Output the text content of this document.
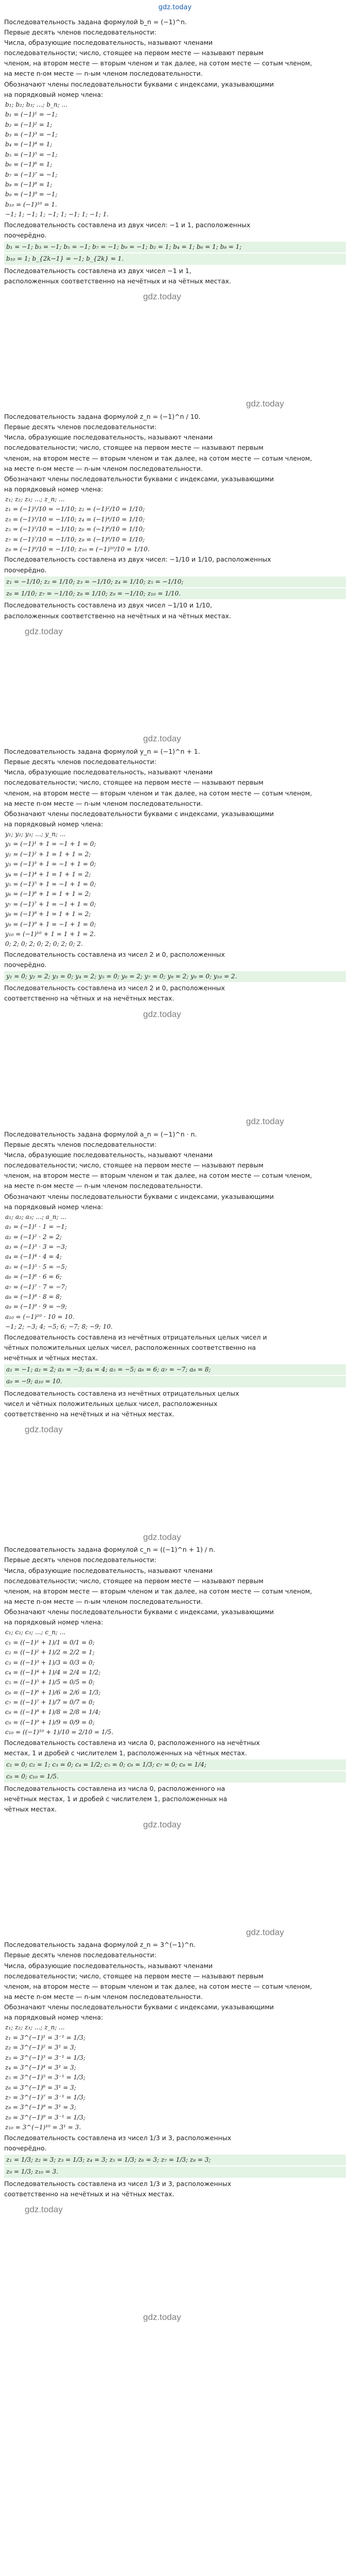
gdz.today
Последовательность задана формулой b_n = (−1)^n.
Первые десять членов последовательности:
Числа, образующие последовательность, называют членами
последовательности; число, стоящее на первом месте — называют первым
членом, на втором месте — вторым членом и так далее, на сотом месте — сотым членом,
на месте n-ом месте — n-ым членом последовательности.
Обозначают члены последовательности буквами с индексами, указывающими
на порядковый номер члена:
b₁; b₂; b₃; ...; b_n; ...
b₁ = (−1)¹ = −1;
b₂ = (−1)² = 1;
b₃ = (−1)³ = −1;
b₄ = (−1)⁴ = 1;
b₅ = (−1)⁵ = −1;
b₆ = (−1)⁶ = 1;
b₇ = (−1)⁷ = −1;
b₈ = (−1)⁸ = 1;
b₉ = (−1)⁹ = −1;
b₁₀ = (−1)¹⁰ = 1.
−1; 1; −1; 1; −1; 1; −1; 1; −1; 1.
Последовательность составлена из двух чисел: −1 и 1, расположенных
поочерёдно.
b₁ = −1; b₃ = −1; b₅ = −1; b₇ = −1; b₉ = −1; b₂ = 1; b₄ = 1; b₆ = 1; b₈ = 1;
b₁₀ = 1; b_{2k−1} = −1; b_{2k} = 1.
Последовательность составлена из двух чисел −1 и 1,
расположенных соответственно на нечётных и на чётных местах.
gdz.today
gdz.today
Последовательность задана формулой z_n = (−1)^n / 10.
Первые десять членов последовательности:
Числа, образующие последовательность, называют членами
последовательности; число, стоящее на первом месте — называют первым
членом, на втором месте — вторым членом и так далее, на сотом месте — сотым членом,
на месте n-ом месте — n-ым членом последовательности.
Обозначают члены последовательности буквами с индексами, указывающими
на порядковый номер члена:
z₁; z₂; z₃; ...; z_n; ...
z₁ = (−1)¹/10 = −1/10; z₂ = (−1)²/10 = 1/10;
z₃ = (−1)³/10 = −1/10; z₄ = (−1)⁴/10 = 1/10;
z₅ = (−1)⁵/10 = −1/10; z₆ = (−1)⁶/10 = 1/10;
z₇ = (−1)⁷/10 = −1/10; z₈ = (−1)⁸/10 = 1/10;
z₉ = (−1)⁹/10 = −1/10; z₁₀ = (−1)¹⁰/10 = 1/10.
Последовательность составлена из двух чисел: −1/10 и 1/10, расположенных
поочерёдно.
z₁ = −1/10; z₂ = 1/10; z₃ = −1/10; z₄ = 1/10; z₅ = −1/10;
z₆ = 1/10; z₇ = −1/10; z₈ = 1/10; z₉ = −1/10; z₁₀ = 1/10.
Последовательность составлена из двух чисел −1/10 и 1/10,
расположенных соответственно на нечётных и на чётных местах.
gdz.today
gdz.today
Последовательность задана формулой y_n = (−1)^n + 1.
Первые десять членов последовательности:
Числа, образующие последовательность, называют членами
последовательности; число, стоящее на первом месте — называют первым
членом, на втором месте — вторым членом и так далее, на сотом месте — сотым членом,
на месте n-ом месте — n-ым членом последовательности.
Обозначают члены последовательности буквами с индексами, указывающими
на порядковый номер члена:
y₁; y₂; y₃; ...; y_n; ...
y₁ = (−1)¹ + 1 = −1 + 1 = 0;
y₂ = (−1)² + 1 = 1 + 1 = 2;
y₃ = (−1)³ + 1 = −1 + 1 = 0;
y₄ = (−1)⁴ + 1 = 1 + 1 = 2;
y₅ = (−1)⁵ + 1 = −1 + 1 = 0;
y₆ = (−1)⁶ + 1 = 1 + 1 = 2;
y₇ = (−1)⁷ + 1 = −1 + 1 = 0;
y₈ = (−1)⁸ + 1 = 1 + 1 = 2;
y₉ = (−1)⁹ + 1 = −1 + 1 = 0;
y₁₀ = (−1)¹⁰ + 1 = 1 + 1 = 2.
0; 2; 0; 2; 0; 2; 0; 2; 0; 2.
Последовательность составлена из чисел 2 и 0, расположенных
поочерёдно.
y₁ = 0; y₂ = 2; y₃ = 0; y₄ = 2; y₅ = 0; y₆ = 2; y₇ = 0; y₈ = 2; y₉ = 0; y₁₀ = 2.
Последовательность составлена из чисел 2 и 0, расположенных
соответственно на чётных и на нечётных местах.
gdz.today
gdz.today
Последовательность задана формулой a_n = (−1)^n · n.
Первые десять членов последовательности:
Числа, образующие последовательность, называют членами
последовательности; число, стоящее на первом месте — называют первым
членом, на втором месте — вторым членом и так далее, на сотом месте — сотым членом,
на месте n-ом месте — n-ым членом последовательности.
Обозначают члены последовательности буквами с индексами, указывающими
на порядковый номер члена:
a₁; a₂; a₃; ...; a_n; ...
a₁ = (−1)¹ · 1 = −1;
a₂ = (−1)² · 2 = 2;
a₃ = (−1)³ · 3 = −3;
a₄ = (−1)⁴ · 4 = 4;
a₅ = (−1)⁵ · 5 = −5;
a₆ = (−1)⁶ · 6 = 6;
a₇ = (−1)⁷ · 7 = −7;
a₈ = (−1)⁸ · 8 = 8;
a₉ = (−1)⁹ · 9 = −9;
a₁₀ = (−1)¹⁰ · 10 = 10.
−1; 2; −3; 4; −5; 6; −7; 8; −9; 10.
Последовательность составлена из нечётных отрицательных целых чисел и
чётных положительных целых чисел, расположенных соответственно на
нечётных и чётных местах.
a₁ = −1; a₂ = 2; a₃ = −3; a₄ = 4; a₅ = −5; a₆ = 6; a₇ = −7; a₈ = 8;
a₉ = −9; a₁₀ = 10.
Последовательность составлена из нечётных отрицательных целых
чисел и чётных положительных целых чисел, расположенных
соответственно на нечётных и на чётных местах.
gdz.today
gdz.today
Последовательность задана формулой c_n = ((−1)^n + 1) / n.
Первые десять членов последовательности:
Числа, образующие последовательность, называют членами
последовательности; число, стоящее на первом месте — называют первым
членом, на втором месте — вторым членом и так далее, на сотом месте — сотым членом,
на месте n-ом месте — n-ым членом последовательности.
Обозначают члены последовательности буквами с индексами, указывающими
на порядковый номер члена:
c₁; c₂; c₃; ...; c_n; ...
c₁ = ((−1)¹ + 1)/1 = 0/1 = 0;
c₂ = ((−1)² + 1)/2 = 2/2 = 1;
c₃ = ((−1)³ + 1)/3 = 0/3 = 0;
c₄ = ((−1)⁴ + 1)/4 = 2/4 = 1/2;
c₅ = ((−1)⁵ + 1)/5 = 0/5 = 0;
c₆ = ((−1)⁶ + 1)/6 = 2/6 = 1/3;
c₇ = ((−1)⁷ + 1)/7 = 0/7 = 0;
c₈ = ((−1)⁸ + 1)/8 = 2/8 = 1/4;
c₉ = ((−1)⁹ + 1)/9 = 0/9 = 0;
c₁₀ = ((−1)¹⁰ + 1)/10 = 2/10 = 1/5.
Последовательность составлена из числа 0, расположенного на нечётных
местах, 1 и дробей с числителем 1, расположенных на чётных местах.
c₁ = 0; c₂ = 1; c₃ = 0; c₄ = 1/2; c₅ = 0; c₆ = 1/3; c₇ = 0; c₈ = 1/4;
c₉ = 0; c₁₀ = 1/5.
Последовательность составлена из числа 0, расположенного на
нечётных местах, 1 и дробей с числителем 1, расположенных на
чётных местах.
gdz.today
gdz.today
Последовательность задана формулой z_n = 3^(−1)^n.
Первые десять членов последовательности:
Числа, образующие последовательность, называют членами
последовательности; число, стоящее на первом месте — называют первым
членом, на втором месте — вторым членом и так далее, на сотом месте — сотым членом,
на месте n-ом месте — n-ым членом последовательности.
Обозначают члены последовательности буквами с индексами, указывающими
на порядковый номер члена:
z₁; z₂; z₃; ...; z_n; ...
z₁ = 3^(−1)¹ = 3⁻¹ = 1/3;
z₂ = 3^(−1)² = 3¹ = 3;
z₃ = 3^(−1)³ = 3⁻¹ = 1/3;
z₄ = 3^(−1)⁴ = 3¹ = 3;
z₅ = 3^(−1)⁵ = 3⁻¹ = 1/3;
z₆ = 3^(−1)⁶ = 3¹ = 3;
z₇ = 3^(−1)⁷ = 3⁻¹ = 1/3;
z₈ = 3^(−1)⁸ = 3¹ = 3;
z₉ = 3^(−1)⁹ = 3⁻¹ = 1/3;
z₁₀ = 3^(−1)¹⁰ = 3¹ = 3.
Последовательность составлена из чисел 1/3 и 3, расположенных
поочерёдно.
z₁ = 1/3; z₂ = 3; z₃ = 1/3; z₄ = 3; z₅ = 1/3; z₆ = 3; z₇ = 1/3; z₈ = 3;
z₉ = 1/3; z₁₀ = 3.
Последовательность составлена из чисел 1/3 и 3, расположенных
соответственно на нечётных и на чётных местах.
gdz.today
gdz.today
